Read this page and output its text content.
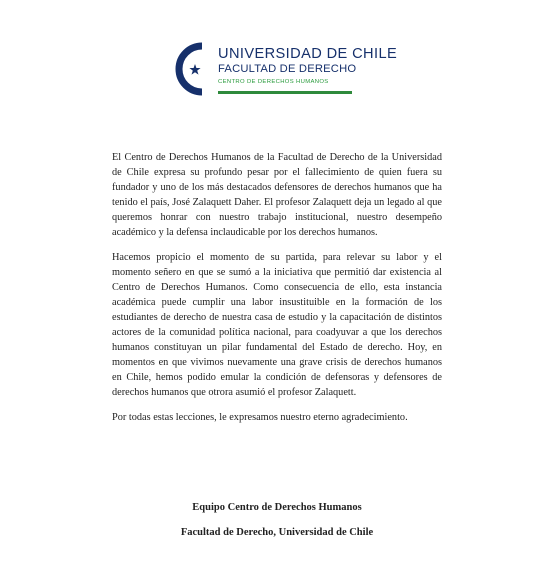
UNIVERSIDAD DE CHILE
FACULTAD DE DERECHO
CENTRO DE DERECHOS HUMANOS

El Centro de Derechos Humanos de la Facultad de Derecho de la Universidad de Chile expresa su profundo pesar por el fallecimiento de quien fuera su fundador y uno de los más destacados defensores de derechos humanos que ha tenido el país, José Zalaquett Daher. El profesor Zalaquett deja un legado al que queremos honrar con nuestro trabajo institucional, nuestro desempeño académico y la defensa inclaudicable por los derechos humanos.

Hacemos propicio el momento de su partida, para relevar su labor y el momento señero en que se sumó a la iniciativa que permitió dar existencia al Centro de Derechos Humanos. Como consecuencia de ello, esta instancia académica puede cumplir una labor insustituible en la formación de los estudiantes de derecho de nuestra casa de estudio y la capacitación de distintos actores de la comunidad política nacional, para coadyuvar a que los derechos humanos constituyan un pilar fundamental del Estado de derecho. Hoy, en momentos en que vivimos nuevamente una grave crisis de derechos humanos en Chile, hemos podido emular la condición de defensoras y defensores de derechos humanos que otrora asumió el profesor Zalaquett.

Por todas estas lecciones, le expresamos nuestro eterno agradecimiento.

Equipo Centro de Derechos Humanos
Facultad de Derecho, Universidad de Chile
